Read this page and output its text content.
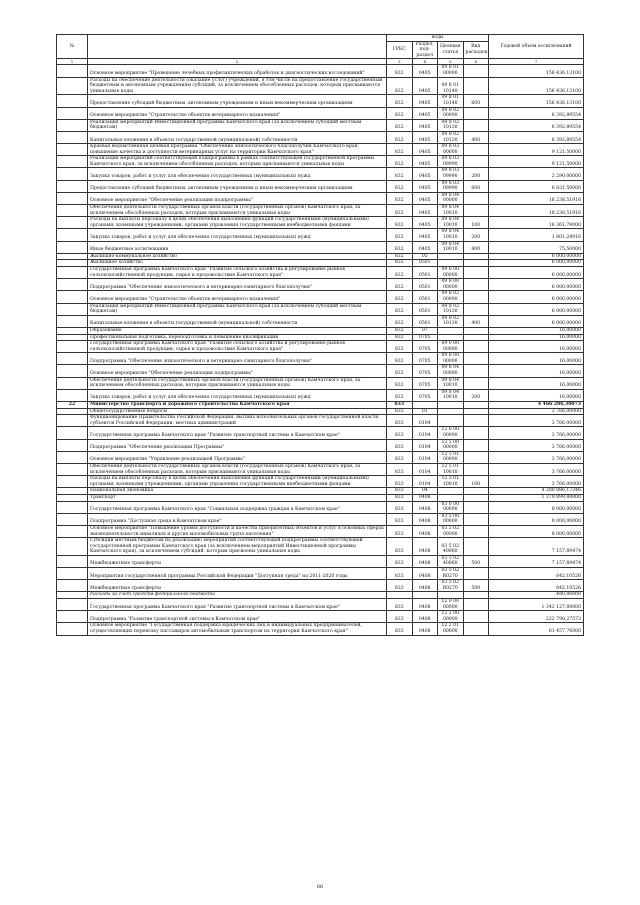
№		коды				Годовой объем ассигнований
		ГРБС	Раздел, под-раздел	Целевая статья	Вид расходов	
1	2	3	4	5	6	7
	Основное мероприятие "Проведение лечебных профилактических обработок и диагностических исследований"	832	0405	09 8 01 00000		156 436,13100
	Расходы на обеспечение деятельности (оказание услуг) учреждений, в том числе на предоставление государственным бюджетным и автономным учреждениям субсидий, за исключением обособленных расходов, которым присваиваются уникальные коды	832	0405	09 8 01 10140		156 436,13100
	Предоставление субсидий бюджетным, автономным учреждениям и иным некоммерческим организациям	832	0405	09 8 01 10140	600	156 436,13100
	Основное мероприятие "Строительство объектов ветеринарного назначения"	832	0405	09 8 02 00000		6 392,89554
	Реализация мероприятий Инвестиционной программы Камчатского края (за исключением субсидий местным бюджетам)	832	0405	09 8 02 10130		6 392,89554
	Капитальные вложения в объекты государственной (муниципальной) собственности	832	0405	09 8 02 10130	400	6 392,89554
	Краевая ведомственная целевая программа "Обеспечение эпизоотического благополучия Камчатского края, повышение качества и доступности ветеринарных услуг на территории Камчатского края"	832	0405	09 8 03 00000		9 121,50000
	Реализация мероприятий соответствующей подпрограммы в рамках соответствующей государственной программы Камчатского края, за исключением обособленных расходов, которым присваиваются уникальные коды	832	0405	09 8 03 09990		9 121,50000
	Закупка товаров, работ и услуг для обеспечения государственных (муниципальных) нужд	832	0405	09 8 03 09990	200	2 290,00000
	Предоставление субсидий бюджетным, автономным учреждениям и иным некоммерческим организациям	832	0405	09 8 03 09990	600	6 831,50000
	Основное мероприятие "Обеспечение реализации подпрограммы"	832	0405	09 8 04 00000		18 238,51916
	Обеспечение деятельности государственных органов власти (государственных органов) Камчатского края, за исключением обособленных расходов, которым присваиваются уникальные коды	832	0405	09 8 04 10010		18 238,51916
	Расходы на выплаты персоналу в целях обеспечения выполнения функций государственными (муниципальными) органами, казенными учреждениями, органами управления государственными внебюджетными фондами	832	0405	09 8 04 10010	100	16 361,79000
	Закупка товаров, работ и услуг для обеспечения государственных (муниципальных) нужд	832	0405	09 8 04 10010	200	1 801,24916
	Иные бюджетные ассигнования	832	0405	09 8 04 10010	800	75,50000
	Жилищно-коммунальное хозяйство	832	05			6 000,00000
	Жилищное хозяйство	832	0501			6 000,00000
	Государственная программа Камчатского края "Развитие сельского хозяйства и регулирование рынков сельскохозяйственной продукции, сырья и продовольствия Камчатского края"	832	0501	09 0 00 00000		6 000,00000
	Подпрограмма "Обеспечение эпизоотического и ветеринарно-санитарного благополучия"	832	0501	09 8 00 00000		6 000,00000
	Основное мероприятие "Строительство объектов ветеринарного назначения"	832	0501	09 8 02 00000		6 000,00000
	Реализация мероприятий Инвестиционной программы Камчатского края (за исключением субсидий местным бюджетам)	832	0501	09 8 02 10130		6 000,00000
	Капитальные вложения в объекты государственной (муниципальной) собственности	832	0501	09 8 02 10130	400	6 000,00000
	Образование	832	07			16,00000
	Профессиональная подготовка, переподготовка и повышение квалификации	832	0705			16,00000
	Государственная программа Камчатского края "Развитие сельского хозяйства и регулирование рынков сельскохозяйственной продукции, сырья и продовольствия Камчатского края"	832	0705	09 0 00 00000		16,00000
	Подпрограмма "Обеспечение эпизоотического и ветеринарно-санитарного благополучия"	832	0705	09 8 00 00000		16,00000
	Основное мероприятие "Обеспечение реализации подпрограммы"	832	0705	09 8 04 00000		16,00000
	Обеспечение деятельности государственных органов власти (государственных органов) Камчатского края, за исключением обособленных расходов, которым присваиваются уникальные коды	832	0705	09 8 04 10010		16,00000
	Закупка товаров, работ и услуг для обеспечения государственных (муниципальных) нужд	832	0705	09 8 04 10010	200	16,00000
22	Министерство транспорта и дорожного строительства Камчатского края	833				4 466 286,30073
	Общегосударственные вопросы	833	01			3 766,00000
	Функционирование Правительства Российской Федерации, высших исполнительных органов государственной власти субъектов Российской Федерации, местных администраций	833	0104			3 766,00000
	Государственная программа Камчатского края "Развитие транспортной системы в Камчатском крае"	833	0104	12 0 00 00000		3 766,00000
	Подпрограмма "Обеспечение реализации Программы"	833	0104	12 5 00 00000		3 766,00000
	Основное мероприятие "Управление реализацией Программы"	833	0104	12 5 01 00000		3 766,00000
	Обеспечение деятельности государственных органов власти (государственных органов) Камчатского края, за исключением обособленных расходов, которым присваиваются уникальные коды	833	0104	12 5 01 10010		3 766,00000
	Расходы на выплаты персоналу в целях обеспечения выполнения функций государственными (муниципальными) органами, казенными учреждениями, органами управления государственными внебюджетными фондами	833	0104	12 5 01 10010	100	3 766,00000
	Национальная экономика	833	04			4 280 886,17346
	Транспорт	833	0408			1 379 899,88000
	Государственная программа Камчатского края "Социальная поддержка граждан в Камчатском крае"	833	0408	03 0 00 00000		8 000,00000
	Подпрограмма "Доступная среда в Камчатском крае"	833	0408	03 5 00 00000		8 000,00000
	Основное мероприятие "Повышение уровня доступности и качества приоритетных объектов и услуг в основных сферах жизнедеятельности инвалидов и других маломобильных групп населения"	833	0408	03 5 02 00000		8 000,00000
	Субсидии местным бюджетам на реализацию мероприятий соответствующей подпрограммы соответствующей государственной программы Камчатского края (за исключением мероприятий Инвестиционной программы Камчатского края), за исключением субсидий, которым присвоены уникальные коды	833	0408	03 5 02 40060		7 157,89474
	Межбюджетные трансферты	833	0408	03 5 02 40060	500	7 157,89474
	Мероприятия государственной программы Российской Федерации "Доступная среда" на 2011-2020 годы	833	0408	03 5 02 R0270		842,10526
	Межбюджетные трансферты	833	0408	03 5 02 R0270	500	842,10526
	Расходы за счет средств федерального бюджета					480,00000
	Государственная программа Камчатского края "Развитие транспортной системы в Камчатском крае"	833	0408	12 0 00 00000		1 342 127,88000
	Подпрограмма "Развитие транспортной системы в Камчатском крае"	833	0408	12 2 00 00000		222 790,27573
	Основное мероприятие "Государственная поддержка юридических лиц и индивидуальных предпринимателей, осуществляющих перевозку пассажиров автомобильным транспортом на территории Камчатского края"	833	0408	12 2 01 00000		61 457,76000
66
